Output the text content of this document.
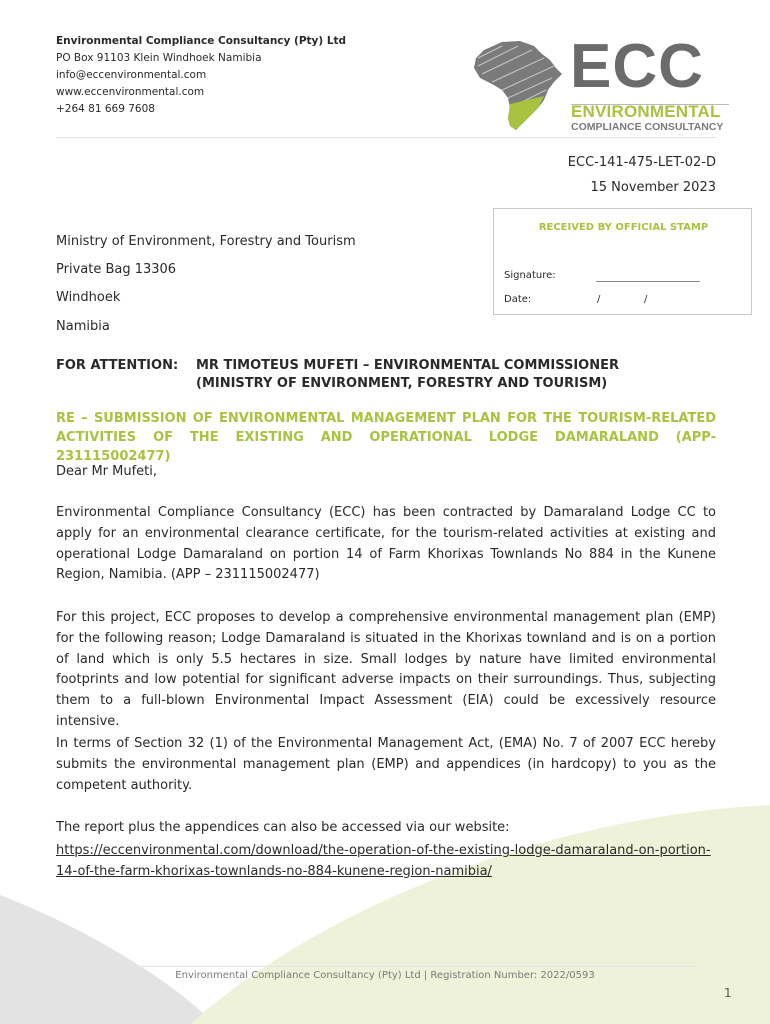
Environmental Compliance Consultancy (Pty) Ltd
PO Box 91103 Klein Windhoek Namibia
info@eccenvironmental.com
www.eccenvironmental.com
+264 81 669 7608
ECC
ENVIRONMENTAL
COMPLIANCE CONSULTANCY
ECC-141-475-LET-02-D
15 November 2023
RECEIVED BY OFFICIAL STAMP
Signature:
Date:	/	/
Ministry of Environment, Forestry and Tourism
Private Bag 13306
Windhoek
Namibia
FOR ATTENTION: MR TIMOTEUS MUFETI – ENVIRONMENTAL COMMISSIONER
(MINISTRY OF ENVIRONMENT, FORESTRY AND TOURISM)
RE – SUBMISSION OF ENVIRONMENTAL MANAGEMENT PLAN FOR THE TOURISM-RELATED ACTIVITIES OF THE EXISTING AND OPERATIONAL LODGE DAMARALAND (APP-231115002477)
Dear Mr Mufeti,
Environmental Compliance Consultancy (ECC) has been contracted by Damaraland Lodge CC to apply for an environmental clearance certificate, for the tourism-related activities at existing and operational Lodge Damaraland on portion 14 of Farm Khorixas Townlands No 884 in the Kunene Region, Namibia. (APP – 231115002477)
For this project, ECC proposes to develop a comprehensive environmental management plan (EMP) for the following reason; Lodge Damaraland is situated in the Khorixas townland and is on a portion of land which is only 5.5 hectares in size. Small lodges by nature have limited environmental footprints and low potential for significant adverse impacts on their surroundings. Thus, subjecting them to a full-blown Environmental Impact Assessment (EIA) could be excessively resource intensive.
In terms of Section 32 (1) of the Environmental Management Act, (EMA) No. 7 of 2007 ECC hereby submits the environmental management plan (EMP) and appendices (in hardcopy) to you as the competent authority.
The report plus the appendices can also be accessed via our website:
https://eccenvironmental.com/download/the-operation-of-the-existing-lodge-damaraland-on-portion-14-of-the-farm-khorixas-townlands-no-884-kunene-region-namibia/
Environmental Compliance Consultancy (Pty) Ltd | Registration Number: 2022/0593
1
